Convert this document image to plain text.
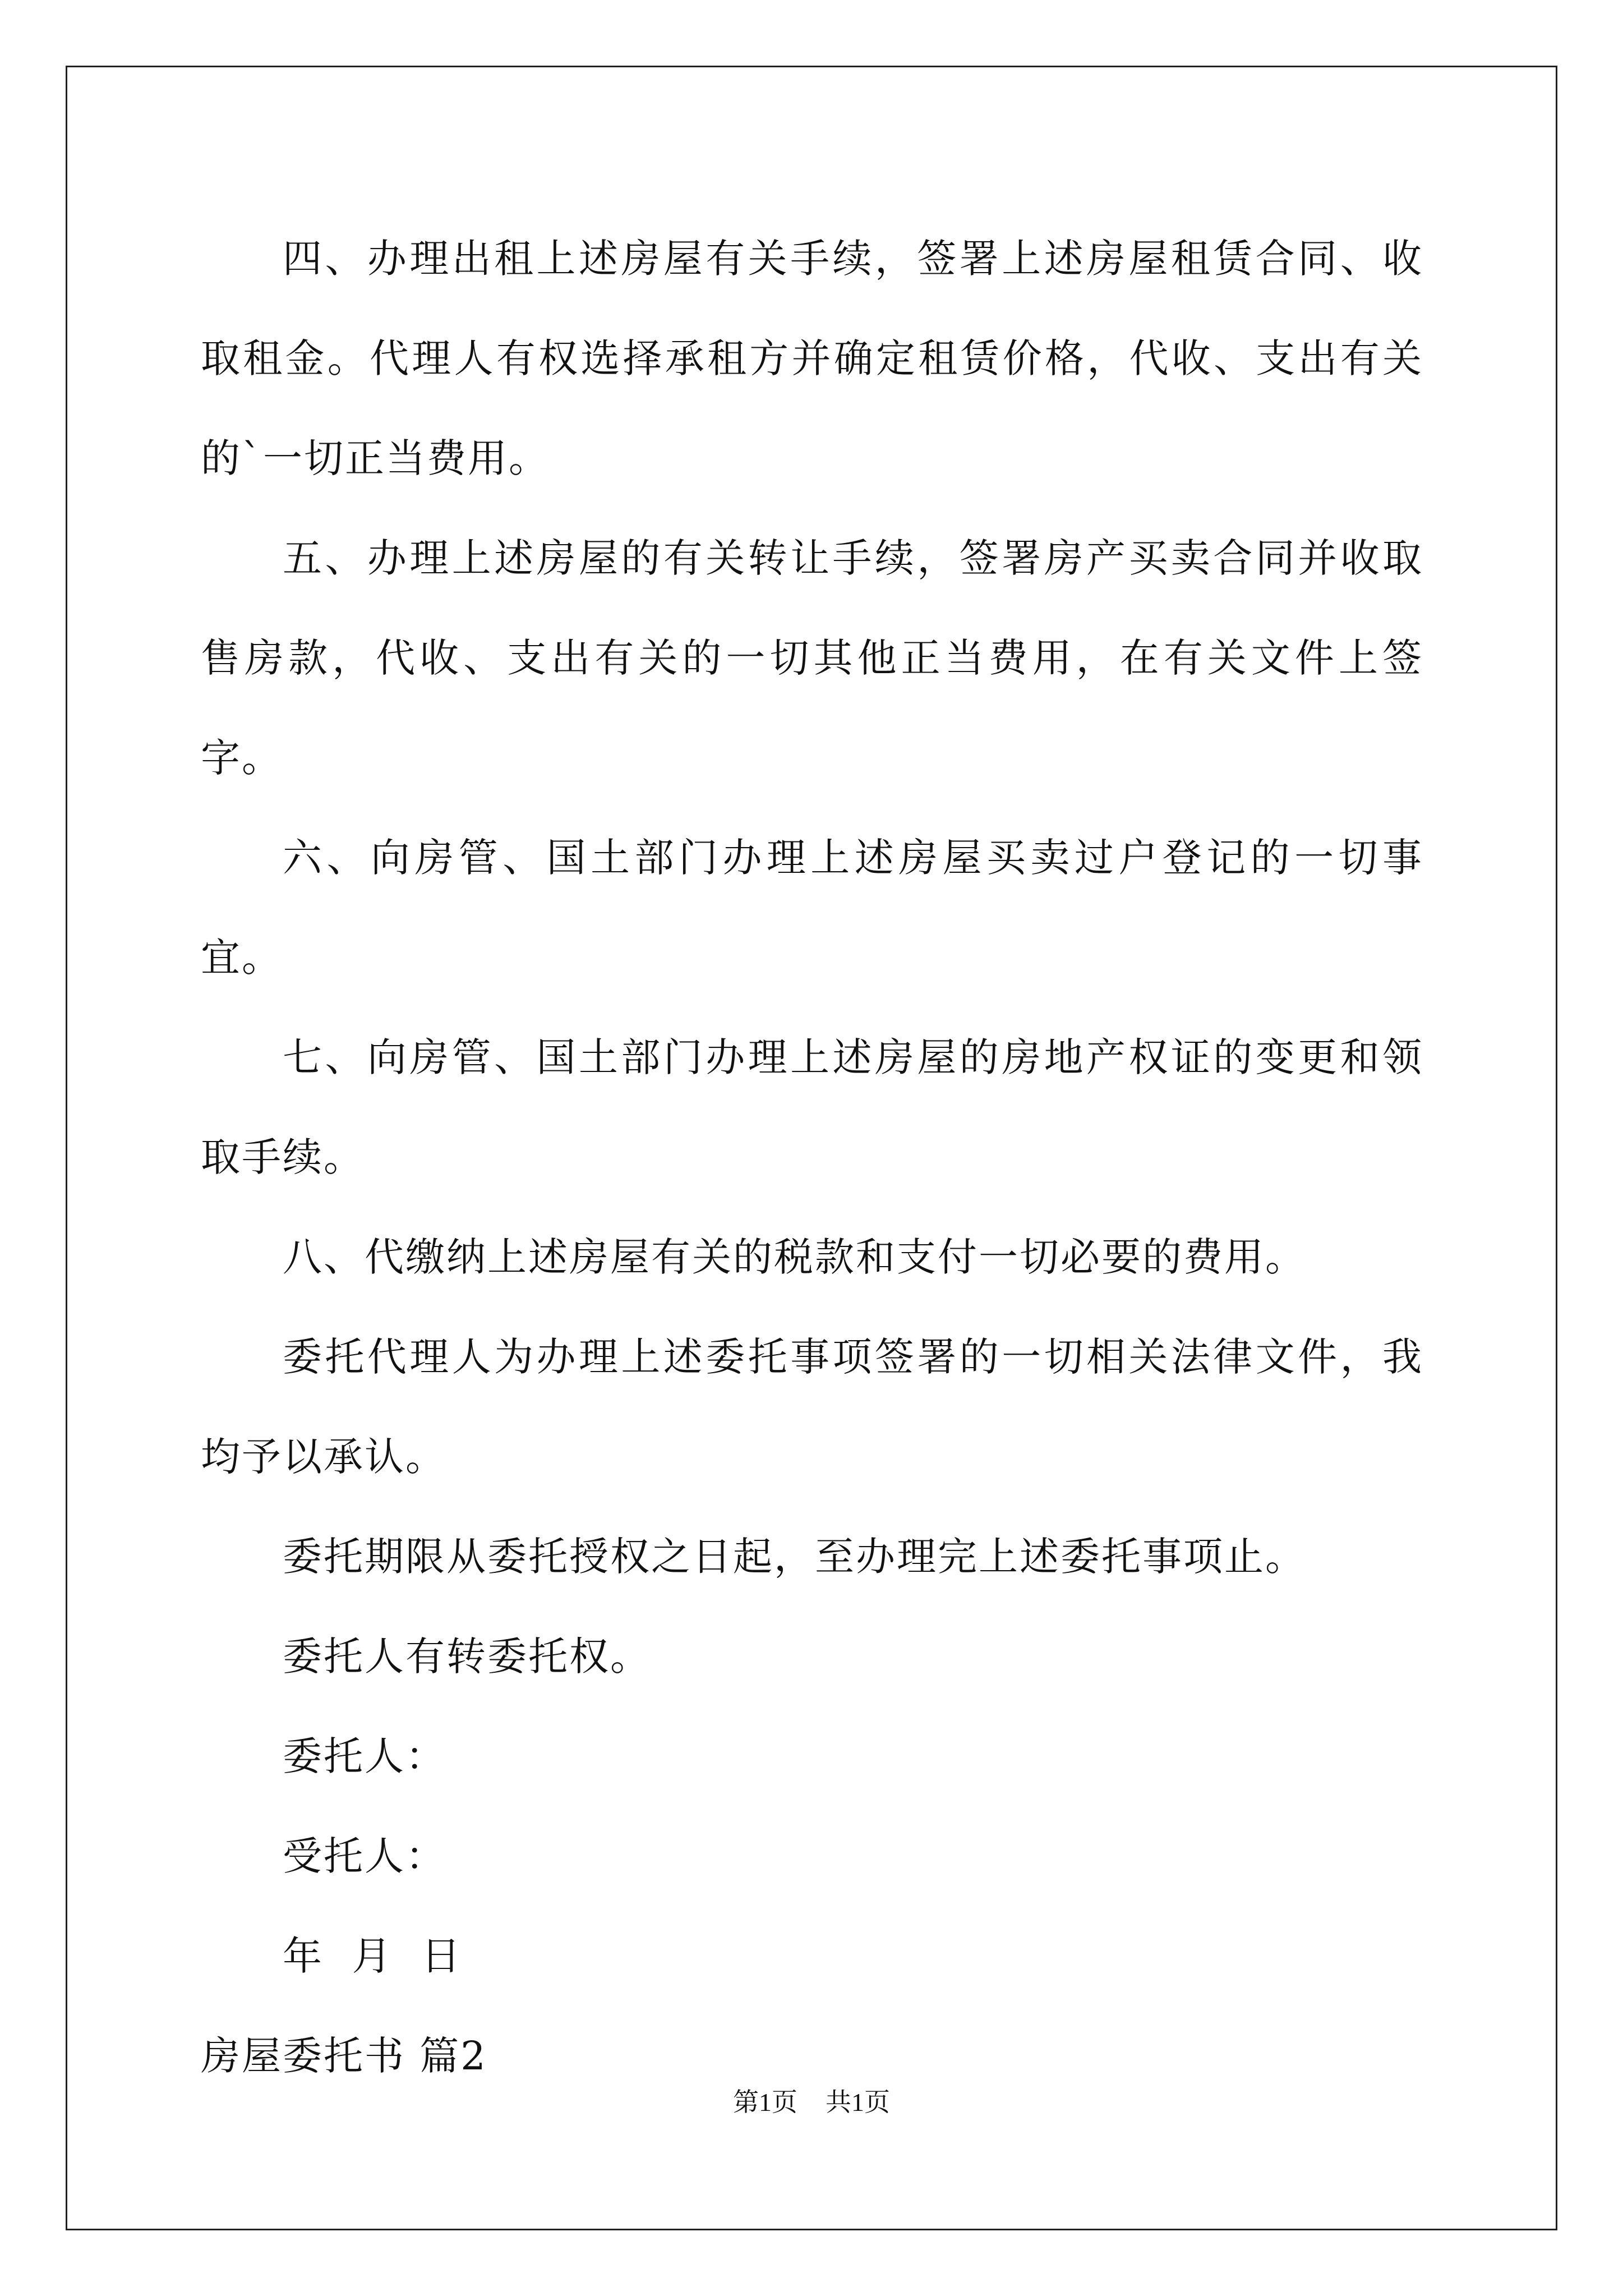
四、办理出租上述房屋有关手续，签署上述房屋租赁合同、收取租金。代理人有权选择承租方并确定租赁价格，代收、支出有关的`一切正当费用。

五、办理上述房屋的有关转让手续，签署房产买卖合同并收取售房款，代收、支出有关的一切其他正当费用，在有关文件上签字。

六、向房管、国土部门办理上述房屋买卖过户登记的一切事宜。

七、向房管、国土部门办理上述房屋的房地产权证的变更和领取手续。

八、代缴纳上述房屋有关的税款和支付一切必要的费用。

委托代理人为办理上述委托事项签署的一切相关法律文件，我均予以承认。

委托期限从委托授权之日起，至办理完上述委托事项止。

委托人有转委托权。

委托人：

受托人：

年  月  日

房屋委托书 篇2

第1页 共1页
